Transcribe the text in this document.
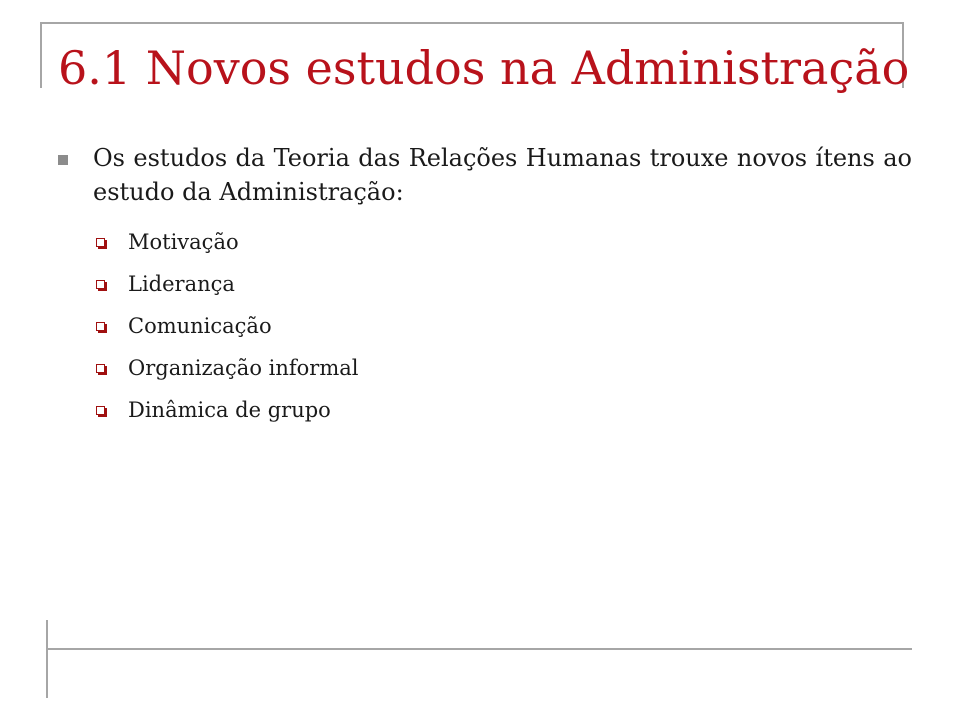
6.1 Novos estudos na Administração
Os estudos da Teoria das Relações Humanas trouxe novos ítens ao estudo da Administração:
Motivação
Liderança
Comunicação
Organização informal
Dinâmica de grupo
